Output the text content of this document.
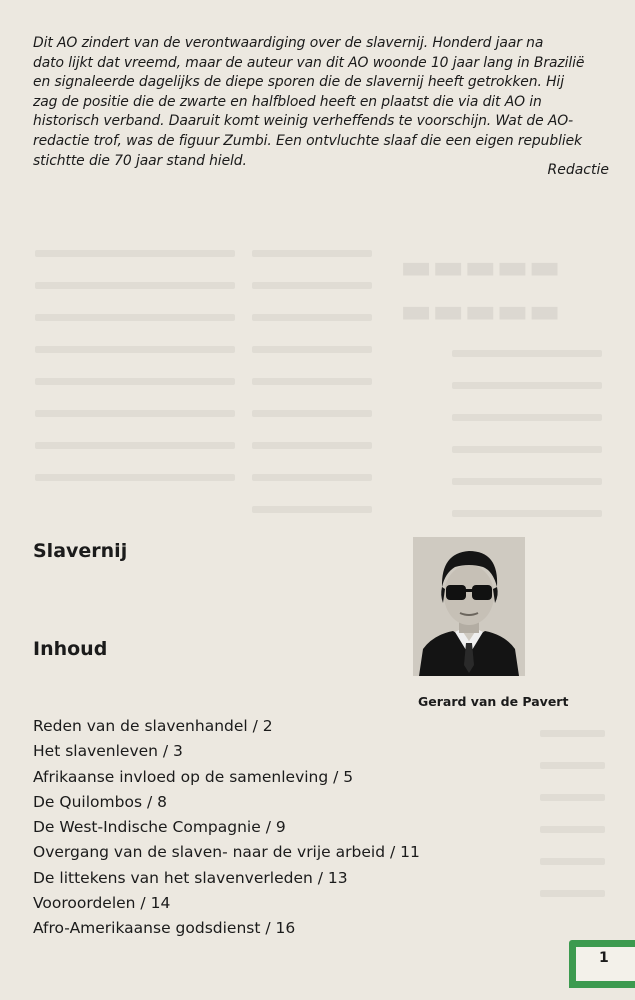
▬▬▬▬▬
▬▬▬▬▬
Dit AO zindert van de verontwaardiging over de slavernij. Honderd jaar na
dato lijkt dat vreemd, maar de auteur van dit AO woonde 10 jaar lang in Brazilië
en signaleerde dagelijks de diepe sporen die de slavernij heeft getrokken. Hij
zag de positie die de zwarte en halfbloed heeft en plaatst die via dit AO in
historisch verband. Daaruit komt weinig verheffends te voorschijn. Wat de AO-
redactie trof, was de figuur Zumbi. Een ontvluchte slaaf die een eigen republiek
stichtte die 70 jaar stand hield.
Redactie
Slavernij
Inhoud
Gerard van de Pavert
Reden van de slavenhandel / 2
Het slavenleven / 3
Afrikaanse invloed op de samenleving / 5
De Quilombos / 8
De West-Indische Compagnie / 9
Overgang van de slaven- naar de vrije arbeid / 11
De littekens van het slavenverleden / 13
Vooroordelen / 14
Afro-Amerikaanse godsdienst / 16
1
